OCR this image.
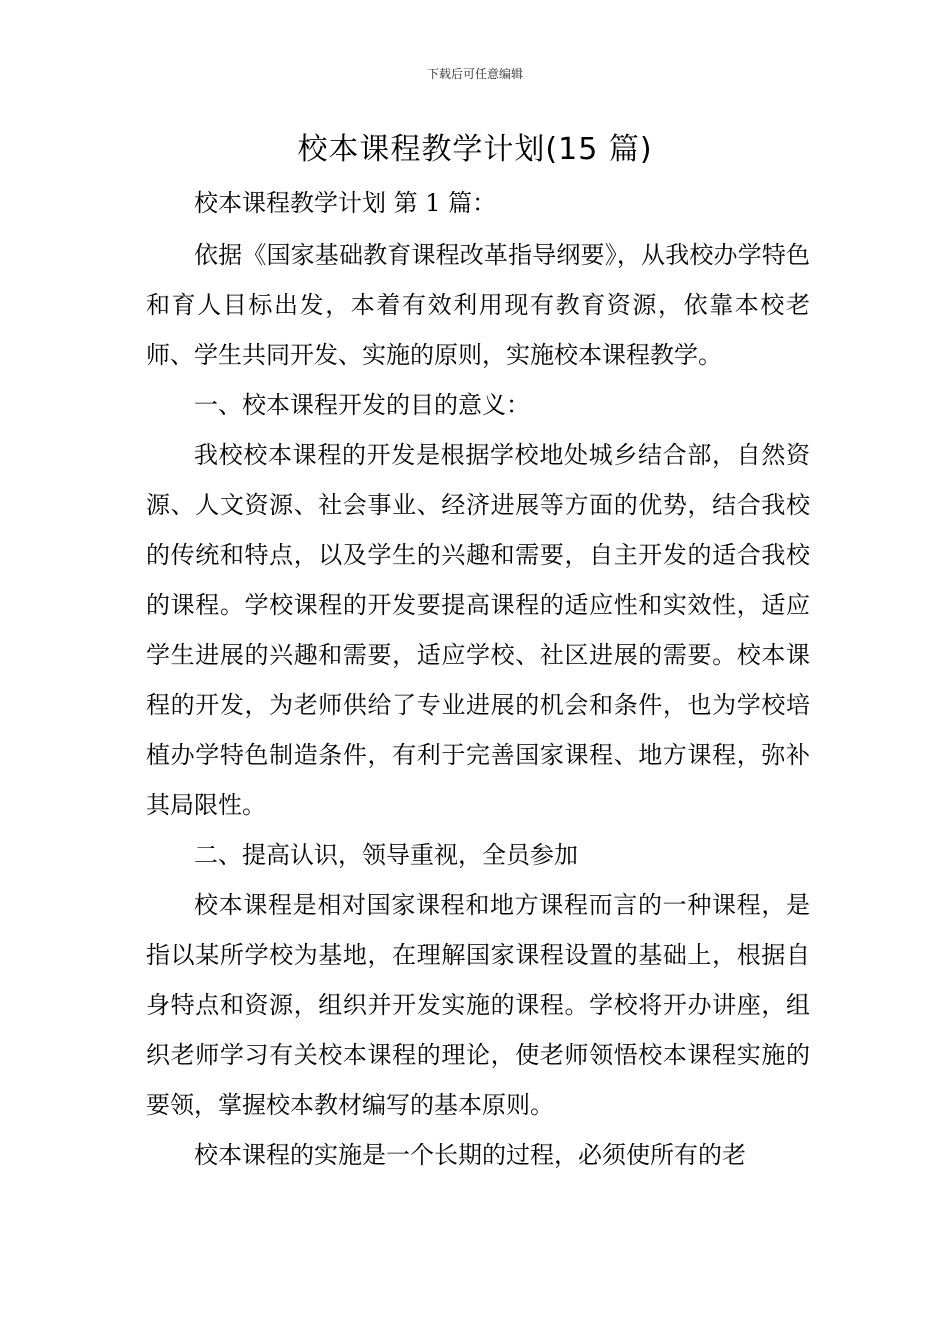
下载后可任意编辑
校本课程教学计划(15 篇)

校本课程教学计划 第 1 篇：

依据《国家基础教育课程改革指导纲要》，从我校办学特色和育人目标出发，本着有效利用现有教育资源，依靠本校老师、学生共同开发、实施的原则，实施校本课程教学。

一、校本课程开发的目的意义：

我校校本课程的开发是根据学校地处城乡结合部，自然资源、人文资源、社会事业、经济进展等方面的优势，结合我校的传统和特点，以及学生的兴趣和需要，自主开发的适合我校的课程。学校课程的开发要提高课程的适应性和实效性，适应学生进展的兴趣和需要，适应学校、社区进展的需要。校本课程的开发，为老师供给了专业进展的机会和条件，也为学校培植办学特色制造条件，有利于完善国家课程、地方课程，弥补其局限性。

二、提高认识，领导重视，全员参加

校本课程是相对国家课程和地方课程而言的一种课程，是指以某所学校为基地，在理解国家课程设置的基础上，根据自身特点和资源，组织并开发实施的课程。学校将开办讲座，组织老师学习有关校本课程的理论，使老师领悟校本课程实施的要领，掌握校本教材编写的基本原则。

校本课程的实施是一个长期的过程，必须使所有的老
